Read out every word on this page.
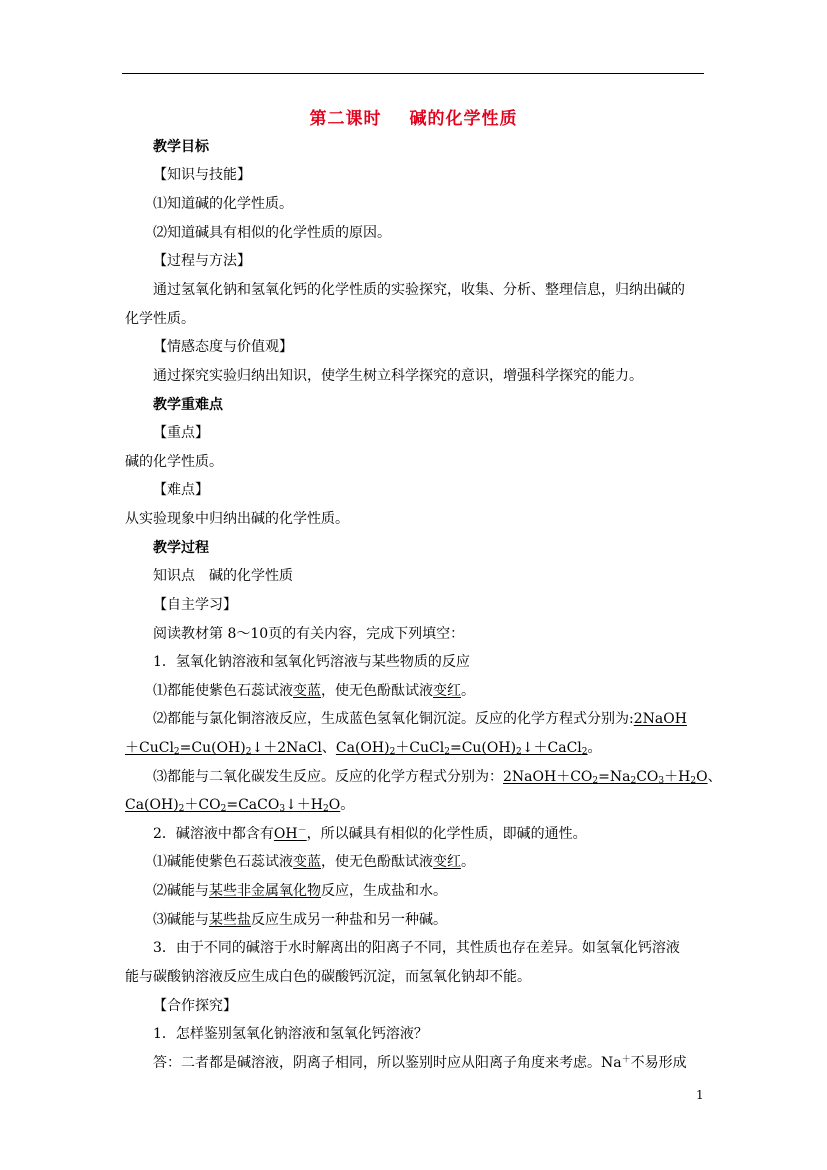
第二课时 碱的化学性质
教学目标
【知识与技能】
⑴知道碱的化学性质。
⑵知道碱具有相似的化学性质的原因。
【过程与方法】
通过氢氧化钠和氢氧化钙的化学性质的实验探究，收集、分析、整理信息，归纳出碱的
化学性质。
【情感态度与价值观】
通过探究实验归纳出知识，使学生树立科学探究的意识，增强科学探究的能力。
教学重难点
【重点】
碱的化学性质。
【难点】
从实验现象中归纳出碱的化学性质。
教学过程
知识点　碱的化学性质
【自主学习】
阅读教材第 8～10页的有关内容，完成下列填空：
1．氢氧化钠溶液和氢氧化钙溶液与某些物质的反应
⑴都能使紫色石蕊试液变蓝，使无色酚酞试液变红。
⑵都能与氯化铜溶液反应，生成蓝色氢氧化铜沉淀。反应的化学方程式分别为:2NaOH
$+CuCl_2=Cu(OH)_2↓+2NaCl$、$Ca(OH)_2+CuCl_2=Cu(OH)_2↓+CaCl_2$。
⑶都能与二氧化碳发生反应。反应的化学方程式分别为：$2NaOH+CO_2=Na_2CO_3+H_2O$、
$Ca(OH)_2+CO_2=CaCO_3↓+H_2O$。
2．碱溶液中都含有OH－，所以碱具有相似的化学性质，即碱的通性。
⑴碱能使紫色石蕊试液变蓝，使无色酚酞试液变红。
⑵碱能与某些非金属氧化物反应，生成盐和水。
⑶碱能与某些盐反应生成另一种盐和另一种碱。
3．由于不同的碱溶于水时解离出的阳离子不同，其性质也存在差异。如氢氧化钙溶液
能与碳酸钠溶液反应生成白色的碳酸钙沉淀，而氢氧化钠却不能。
【合作探究】
1．怎样鉴别氢氧化钠溶液和氢氧化钙溶液？
答：二者都是碱溶液，阴离子相同，所以鉴别时应从阳离子角度来考虑。Na＋不易形成
1
